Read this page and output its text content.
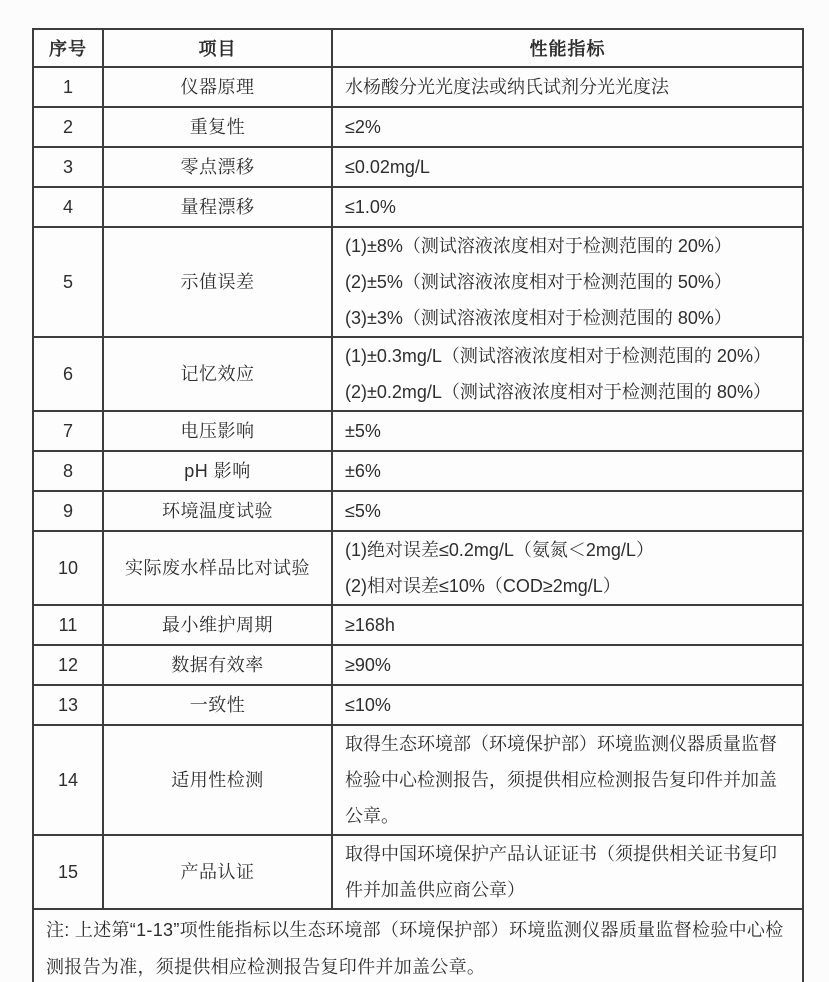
序号	项目	性能指标
1	仪器原理	水杨酸分光光度法或纳氏试剂分光光度法

2	重复性	≤2%

3	零点漂移	≤0.02mg/L

4	量程漂移	≤1.0%

5	示值误差	(1)±8%（测试溶液浓度相对于检测范围的 20%）
(2)±5%（测试溶液浓度相对于检测范围的 50%）
(3)±3%（测试溶液浓度相对于检测范围的 80%）

6	记忆效应	(1)±0.3mg/L（测试溶液浓度相对于检测范围的 20%）
(2)±0.2mg/L（测试溶液浓度相对于检测范围的 80%）

7	电压影响	±5%

8	pH 影响	±6%

9	环境温度试验	≤5%

10	实际废水样品比对试验	(1)绝对误差≤0.2mg/L（氨氮＜2mg/L）
(2)相对误差≤10%（COD≥2mg/L）

11	最小维护周期	≥168h

12	数据有效率	≥90%

13	一致性	≤10%

14	适用性检测	取得生态环境部（环境保护部）环境监测仪器质量监督检验中心检测报告，须提供相应检测报告复印件并加盖公章。

15	产品认证	取得中国环境保护产品认证证书（须提供相关证书复印件并加盖供应商公章）

注: 上述第“1-13”项性能指标以生态环境部（环境保护部）环境监测仪器质量监督检验中心检测报告为准，须提供相应检测报告复印件并加盖公章。		
